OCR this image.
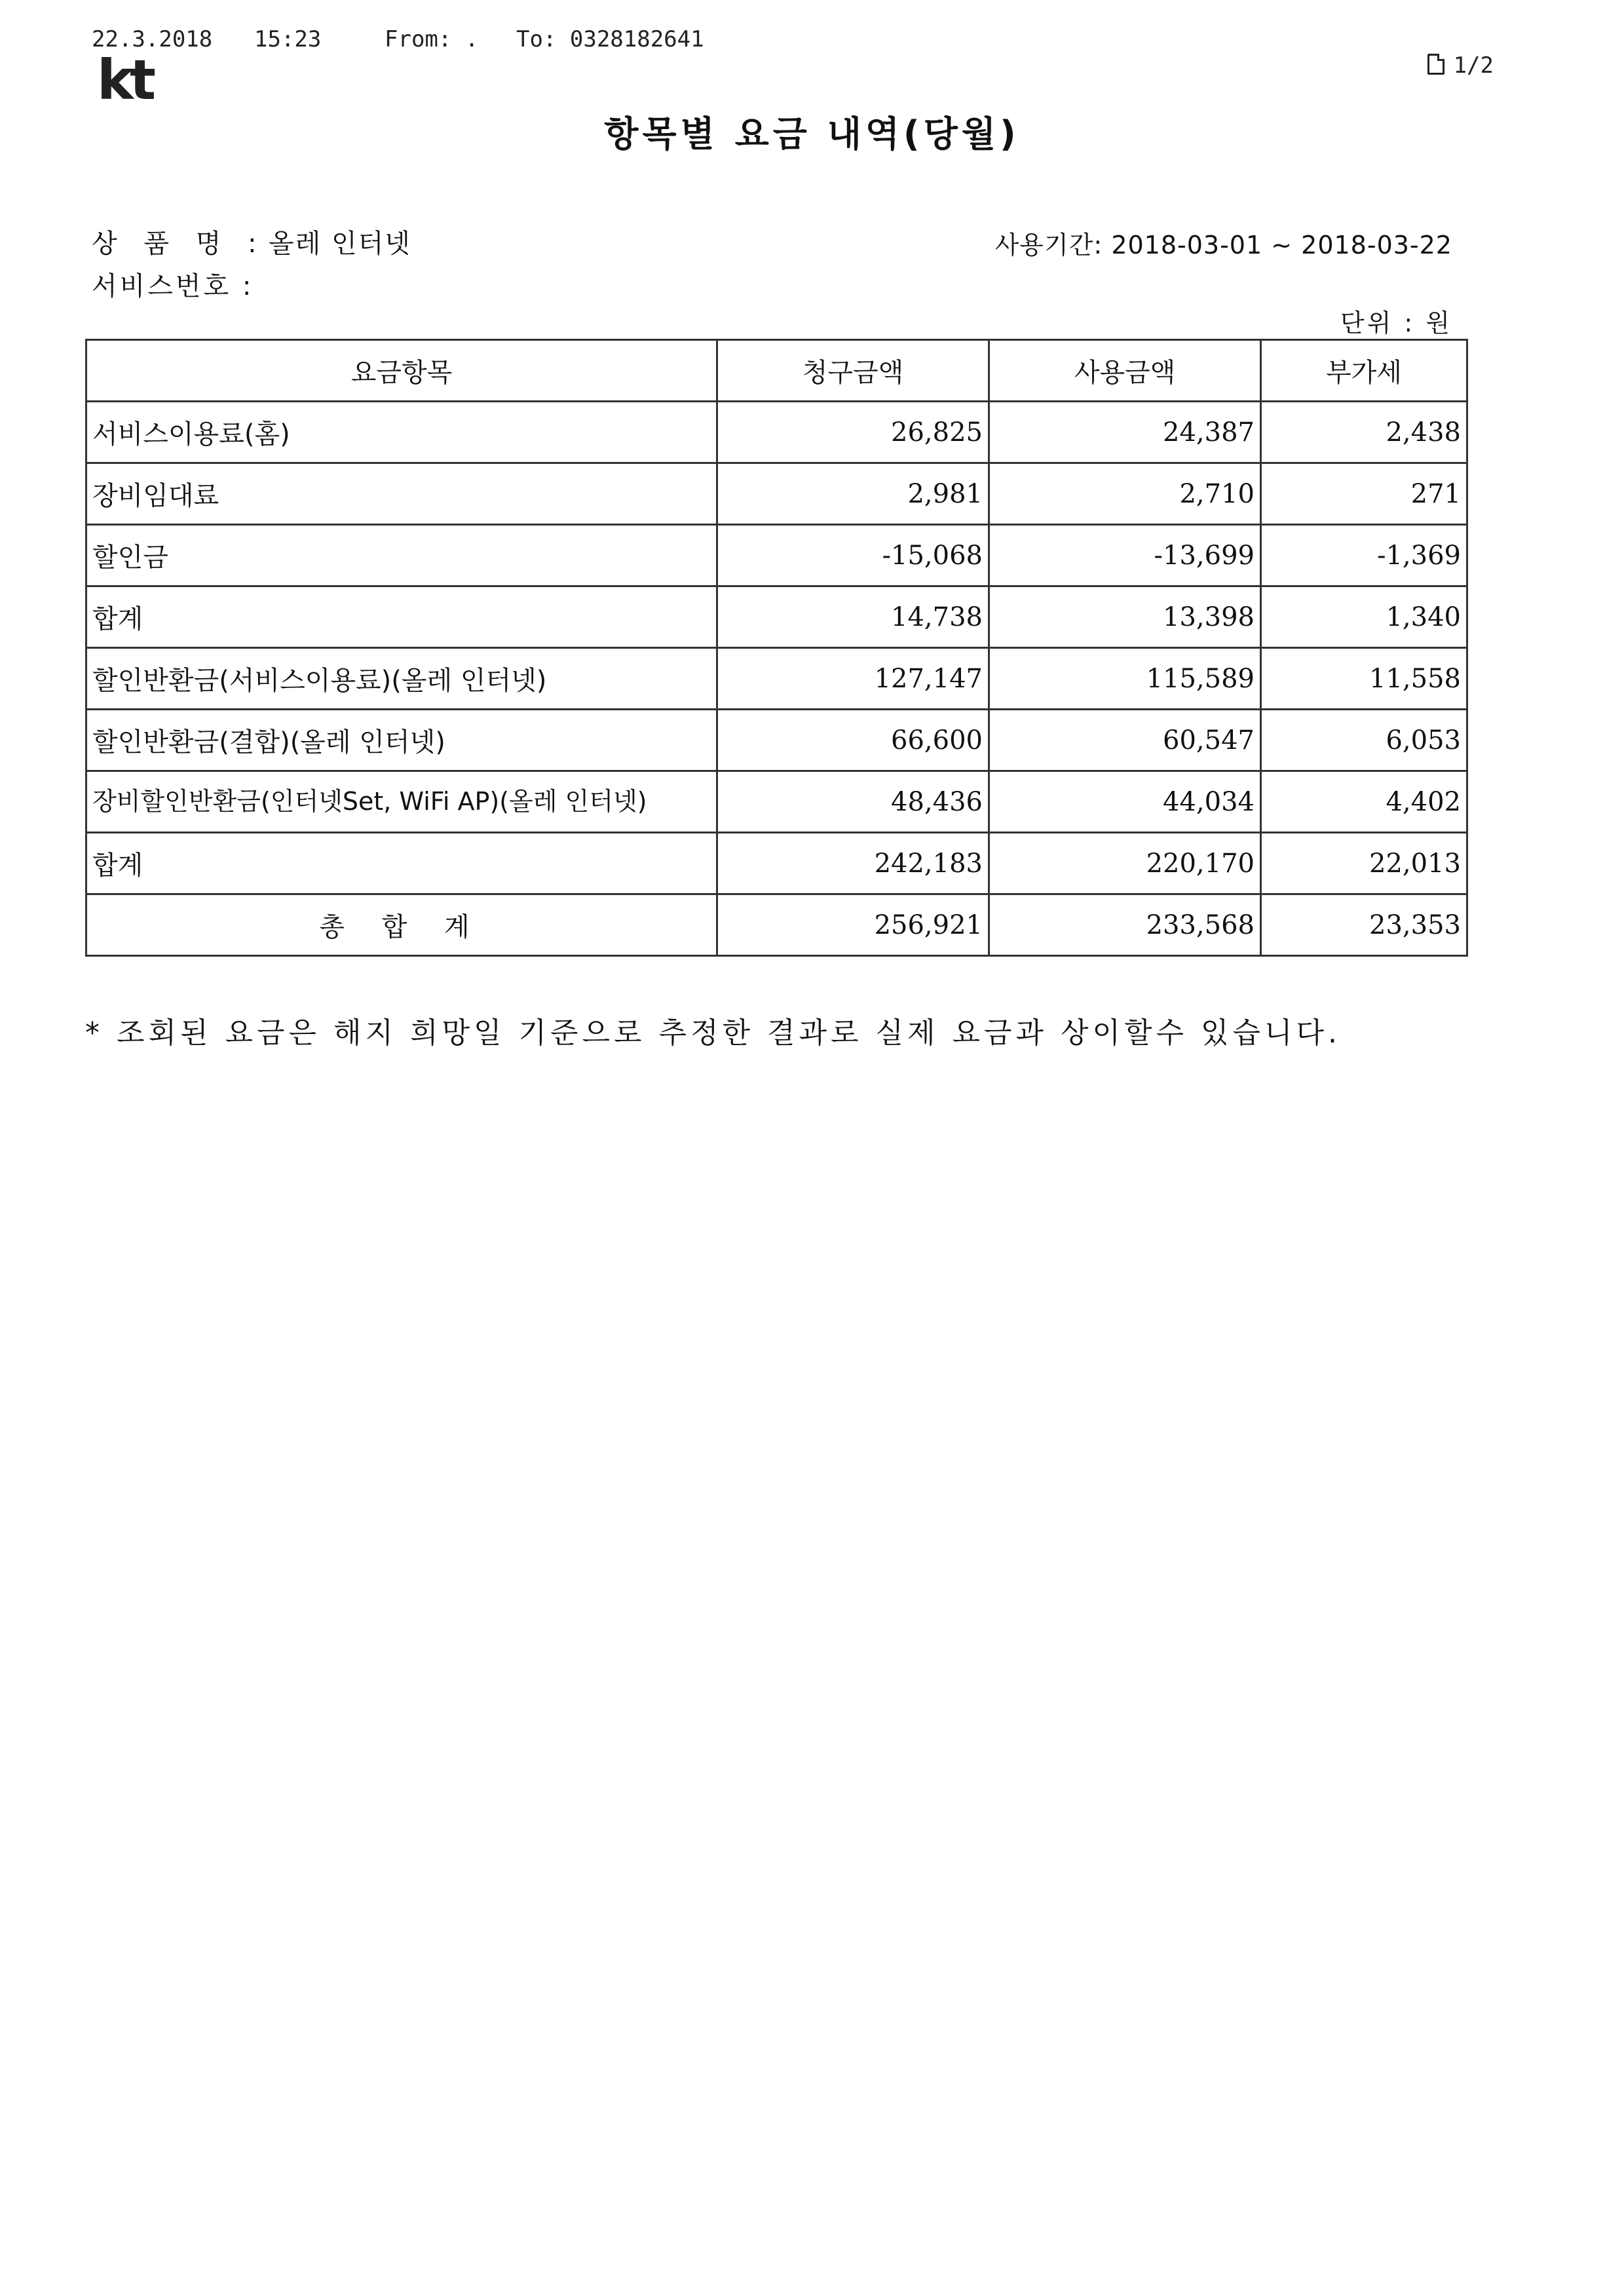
22.3.2018 15:23	From: . To: 0328182641

1/2

kt
항목별 요금 내역(당월)
상 품 명 : 올레 인터넷
서비스번호 :
사용기간: 2018-03-01 ~ 2018-03-22
단위 : 원
요금항목	청구금액	사용금액	부가세
서비스이용료(홈)	26,825	24,387	2,438
장비임대료	2,981	2,710	271
할인금	-15,068	-13,699	-1,369
합계	14,738	13,398	1,340
할인반환금(서비스이용료)(올레 인터넷)	127,147	115,589	11,558
할인반환금(결합)(올레 인터넷)	66,600	60,547	6,053
장비할인반환금(인터넷Set, WiFi AP)(올레 인터넷)	48,436	44,034	4,402
합계	242,183	220,170	22,013
총 합 계	256,921	233,568	23,353
* 조회된 요금은 해지 희망일 기준으로 추정한 결과로 실제 요금과 상이할수 있습니다.
